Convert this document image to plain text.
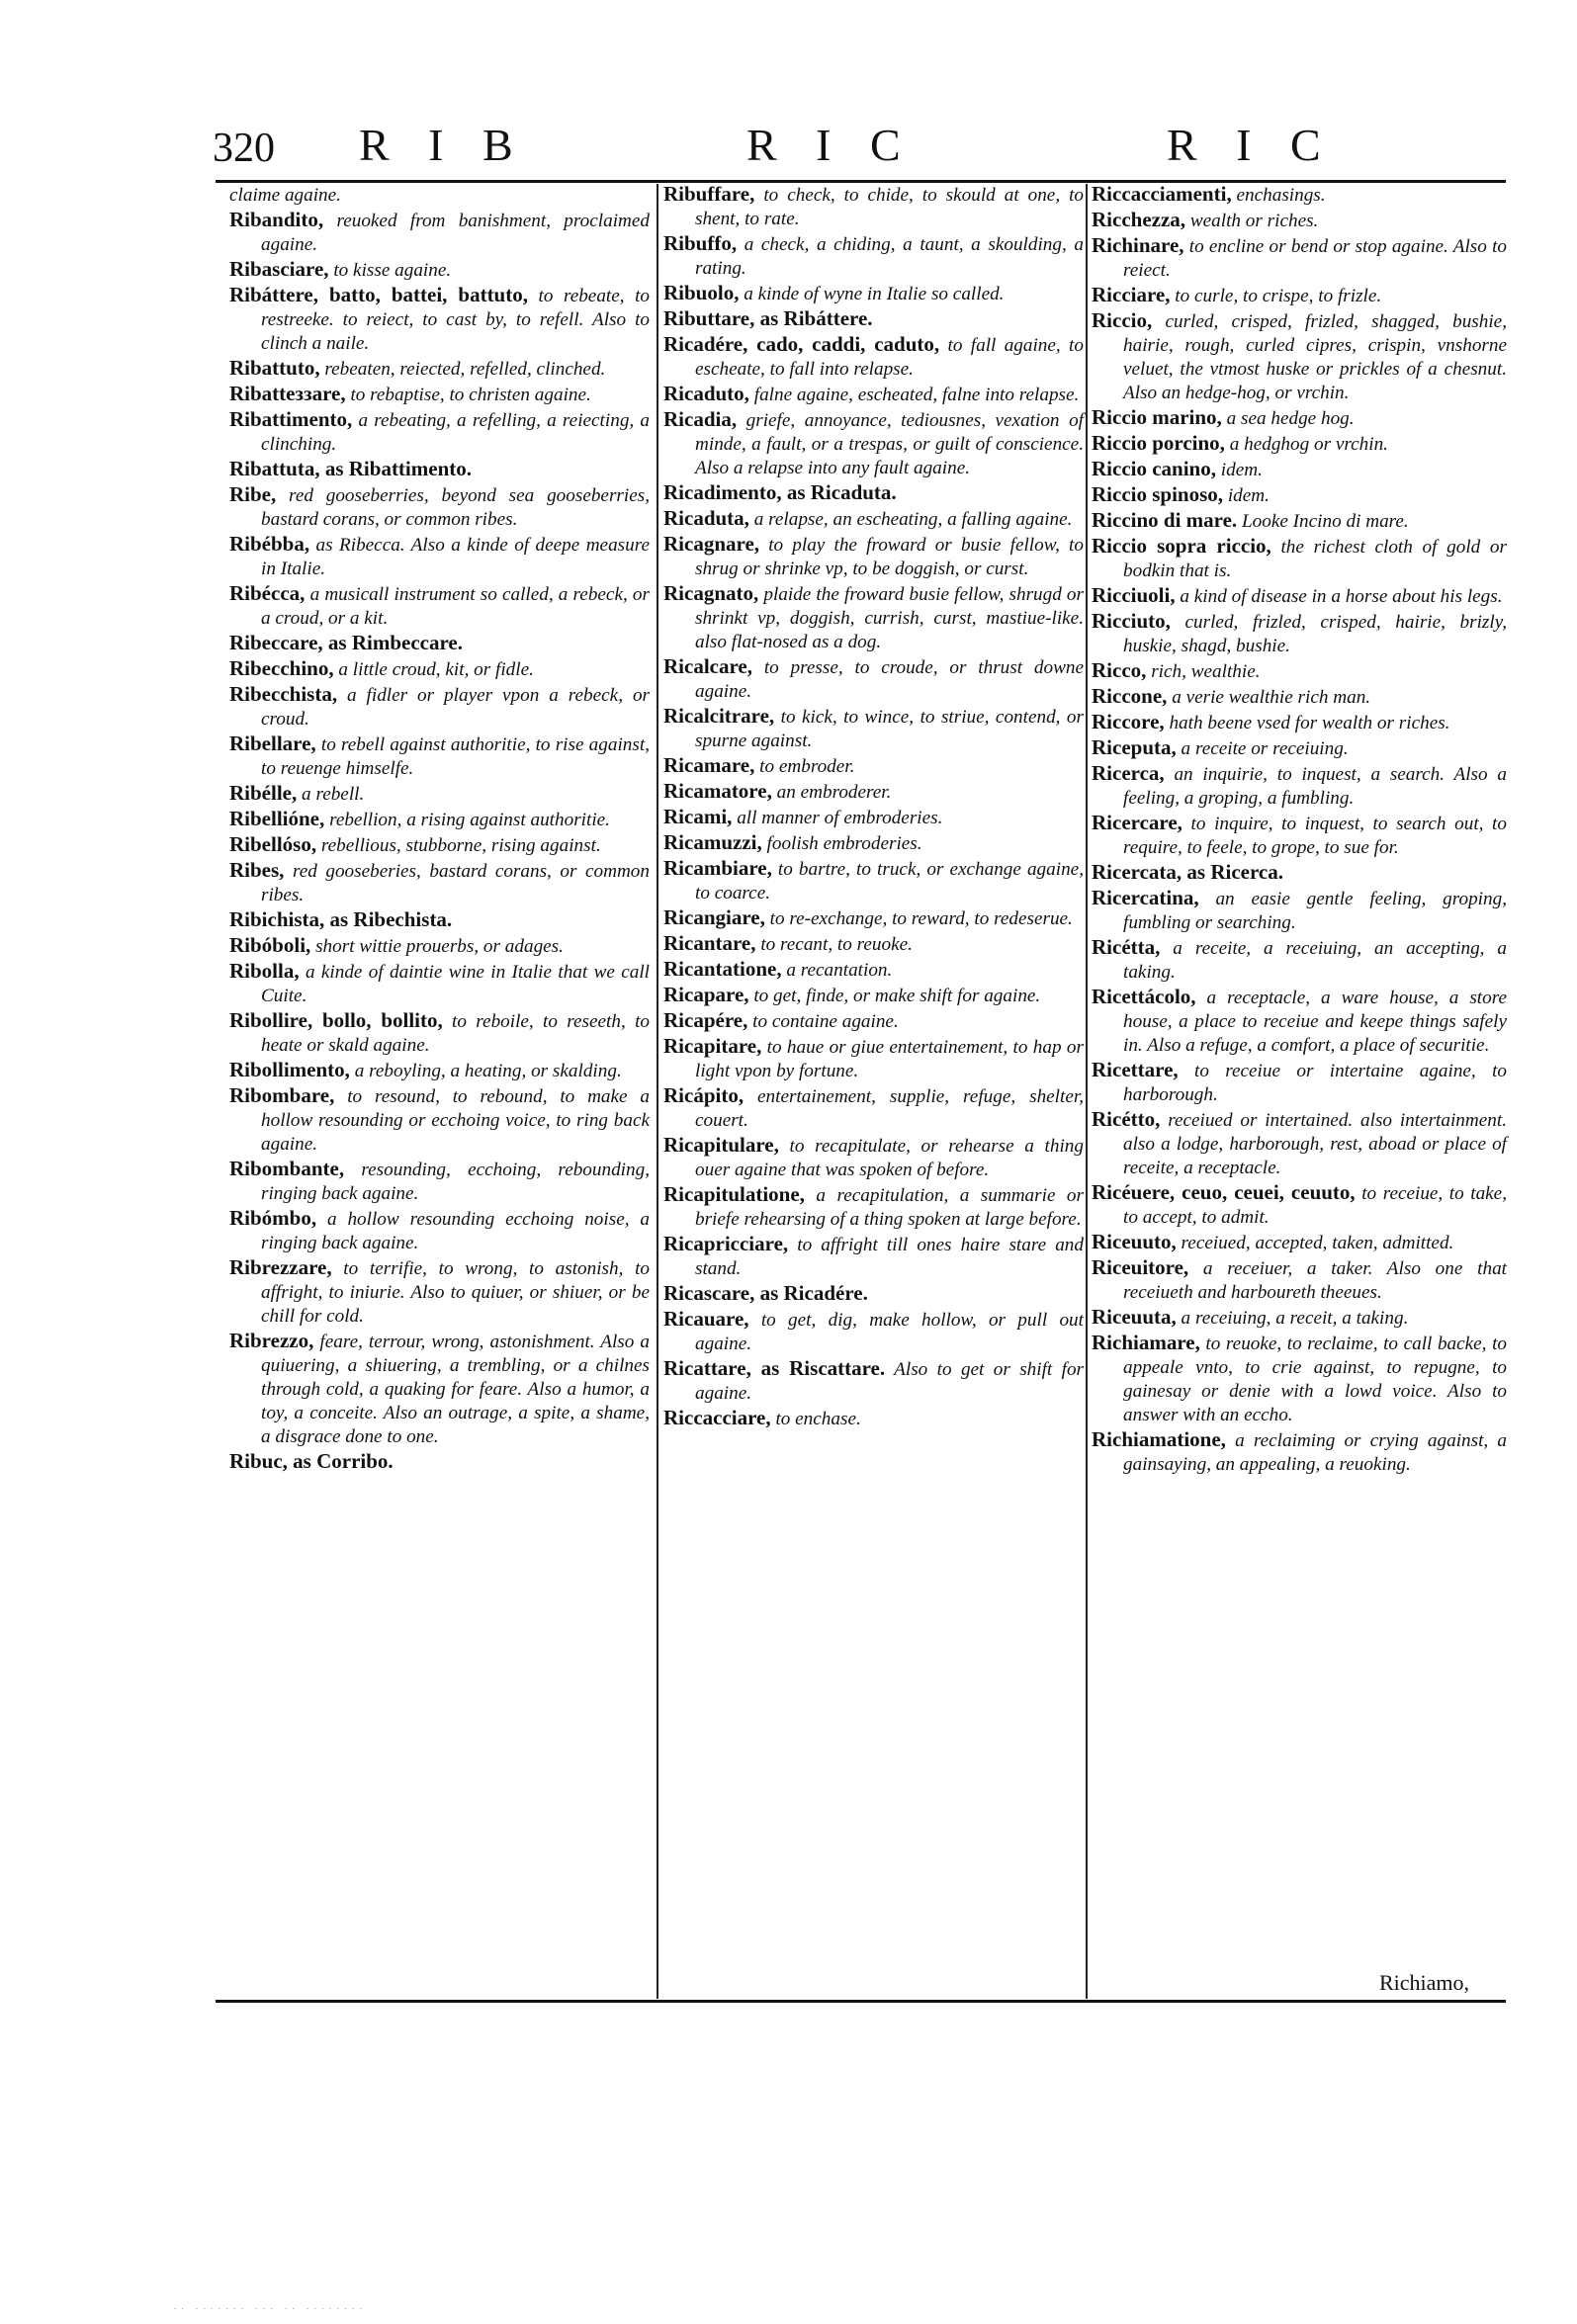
320 R I B	R I C	R I C

claime againe.

Ribandito, reuoked from banishment, proclaimed againe.

Ribasciare, to kisse againe.

Ribáttere, batto, battei, battuto, to rebeate, to restreeke. to reiect, to cast by, to refell. Also to clinch a naile.

Ribattuto, rebeaten, reiected, refelled, clinched.

Ribatteззare, to rebaptise, to christen againe.

Ribattimento, a rebeating, a refelling, a reiecting, a clinching.

Ribattuta, as Ribattimento.

Ribe, red gooseberries, beyond sea gooseberries, bastard corans, or common ribes.

Ribébba, as Ribecca. Also a kinde of deepe measure in Italie.

Ribécca, a musicall instrument so called, a rebeck, or a croud, or a kit.

Ribeccare, as Rimbeccare.

Ribecchino, a little croud, kit, or fidle.

Ribecchista, a fidler or player vpon a rebeck, or croud.

Ribellare, to rebell against authoritie, to rise against, to reuenge himselfe.

Ribélle, a rebell.

Ribellióne, rebellion, a rising against authoritie.

Ribellóso, rebellious, stubborne, rising against.

Ribes, red gooseberies, bastard corans, or common ribes.

Ribichista, as Ribechista.

Ribóboli, short wittie prouerbs, or adages.

Ribolla, a kinde of daintie wine in Italie that we call Cuite.

Ribollire, bollo, bollito, to reboile, to reseeth, to heate or skald againe.

Ribollimento, a reboyling, a heating, or skalding.

Ribombare, to resound, to rebound, to make a hollow resounding or ecchoing voice, to ring back againe.

Ribombante, resounding, ecchoing, rebounding, ringing back againe.

Ribómbo, a hollow resounding ecchoing noise, a ringing back againe.

Ribrezzare, to terrifie, to wrong, to astonish, to affright, to iniurie. Also to quiuer, or shiuer, or be chill for cold.

Ribrezzo, feare, terrour, wrong, astonishment. Also a quiuering, a shiuering, a trembling, or a chilnes through cold, a quaking for feare. Also a humor, a toy, a conceite. Also an outrage, a spite, a shame, a disgrace done to one.

Ribuc, as Corribo.

Ribuffare, to check, to chide, to skould at one, to shent, to rate.

Ribuffo, a check, a chiding, a taunt, a skoulding, a rating.

Ribuolo, a kinde of wyne in Italie so called.

Ributtare, as Ribáttere.

Ricadére, cado, caddi, caduto, to fall againe, to escheate, to fall into relapse.

Ricaduto, falne againe, escheated, falne into relapse.

Ricadia, griefe, annoyance, tediousnes, vexation of minde, a fault, or a trespas, or guilt of conscience. Also a relapse into any fault againe.

Ricadimento, as Ricaduta.

Ricaduta, a relapse, an escheating, a falling againe.

Ricagnare, to play the froward or busie fellow, to shrug or shrinke vp, to be doggish, or curst.

Ricagnato, plaide the froward busie fellow, shrugd or shrinkt vp, doggish, currish, curst, mastiue-like. also flat-nosed as a dog.

Ricalcare, to presse, to croude, or thrust downe againe.

Ricalcitrare, to kick, to wince, to striue, contend, or spurne against.

Ricamare, to embroder.

Ricamatore, an embroderer.

Ricami, all manner of embroderies.

Ricamuzzi, foolish embroderies.

Ricambiare, to bartre, to truck, or exchange againe, to coarce.

Ricangiare, to re-exchange, to reward, to redeserue.

Ricantare, to recant, to reuoke.

Ricantatione, a recantation.

Ricapare, to get, finde, or make shift for againe.

Ricapére, to containe againe.

Ricapitare, to haue or giue entertainement, to hap or light vpon by fortune.

Ricápito, entertainement, supplie, refuge, shelter, couert.

Ricapitulare, to recapitulate, or rehearse a thing ouer againe that was spoken of before.

Ricapitulatione, a recapitulation, a summarie or briefe rehearsing of a thing spoken at large before.

Ricapricciare, to affright till ones haire stare and stand.

Ricascare, as Ricadére.

Ricauare, to get, dig, make hollow, or pull out againe.

Ricattare, as Riscattare. Also to get or shift for againe.

Riccacciare, to enchase.

Riccacciamenti, enchasings.

Ricchezza, wealth or riches.

Richinare, to encline or bend or stop againe. Also to reiect.

Ricciare, to curle, to crispe, to frizle.

Riccio, curled, crisped, frizled, shagged, bushie, hairie, rough, curled cipres, crispin, vnshorne veluet, the vtmost huske or prickles of a chesnut. Also an hedge-hog, or vrchin.

Riccio marino, a sea hedge hog.

Riccio porcino, a hedghog or vrchin.

Riccio canino, idem.

Riccio spinoso, idem.

Riccino di mare. Looke Incino di mare.

Riccio sopra riccio, the richest cloth of gold or bodkin that is.

Ricciuoli, a kind of disease in a horse about his legs.

Ricciuto, curled, frizled, crisped, hairie, brizly, huskie, shagd, bushie.

Ricco, rich, wealthie.

Riccone, a verie wealthie rich man.

Riccore, hath beene vsed for wealth or riches.

Riceputa, a receite or receiuing.

Ricerca, an inquirie, to inquest, a search. Also a feeling, a groping, a fumbling.

Ricercare, to inquire, to inquest, to search out, to require, to feele, to grope, to sue for.

Ricercata, as Ricerca.

Ricercatina, an easie gentle feeling, groping, fumbling or searching.

Ricétta, a receite, a receiuing, an accepting, a taking.

Ricettácolo, a receptacle, a ware house, a store house, a place to receiue and keepe things safely in. Also a refuge, a comfort, a place of securitie.

Ricettare, to receiue or intertaine againe, to harborough.

Ricétto, receiued or intertained. also intertainment. also a lodge, harborough, rest, aboad or place of receite, a receptacle.

Ricéuere, ceuo, ceuei, ceuuto, to receiue, to take, to accept, to admit.

Riceuuto, receiued, accepted, taken, admitted.

Riceuitore, a receiuer, a taker. Also one that receiueth and harboureth theeues.

Riceuuta, a receiuing, a receit, a taking.

Richiamare, to reuoke, to reclaime, to call backe, to appeale vnto, to crie against, to repugne, to gainesay or denie with a lowd voice. Also to answer with an eccho.

Richiamatione, a reclaiming or crying against, a gainsaying, an appealing, a reuoking.

Richiamo,
·· ······· ··· ·· ········
